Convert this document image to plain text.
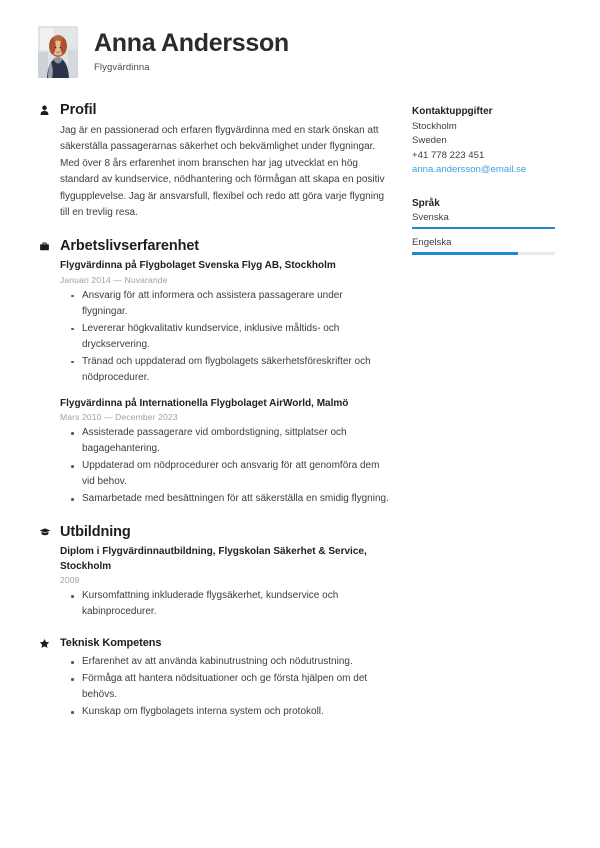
Anna Andersson

Flygvärdinna

Profil

Jag är en passionerad och erfaren flygvärdinna med en stark önskan att säkerställa passagerarnas säkerhet och bekvämlighet under flygningar. Med över 8 års erfarenhet inom branschen har jag utvecklat en hög standard av kundservice, nödhantering och förmågan att skapa en positiv flygupplevelse. Jag är ansvarsfull, flexibel och redo att göra varje flygning till en trevlig resa.

Arbetslivserfarenhet

Flygvärdinna på Flygbolaget Svenska Flyg AB, Stockholm

Januari 2014 — Nuvarande

Ansvarig för att informera och assistera passagerare under flygningar.
Levererar högkvalitativ kundservice, inklusive måltids- och dryckservering.
Tränad och uppdaterad om flygbolagets säkerhetsföreskrifter och nödprocedurer.

Flygvärdinna på Internationella Flygbolaget AirWorld, Malmö

Mars 2010 — December 2023

Assisterade passagerare vid ombordstigning, sittplatser och bagagehantering.
Uppdaterad om nödprocedurer och ansvarig för att genomföra dem vid behov.
Samarbetade med besättningen för att säkerställa en smidig flygning.
Utbildning

Diplom i Flygvärdinnautbildning, Flygskolan Säkerhet & Service, Stockholm

2009

Kursomfattning inkluderade flygsäkerhet, kundservice och kabinprocedurer.
Teknisk Kompetens
Erfarenhet av att använda kabinutrustning och nödutrustning.
Förmåga att hantera nödsituationer och ge första hjälpen om det behövs.
Kunskap om flygbolagets interna system och protokoll.

Kontaktuppgifter

Stockholm
Sweden
+41 778 223 451
anna.andersson@email.se

Språk

Svenska
Engelska
